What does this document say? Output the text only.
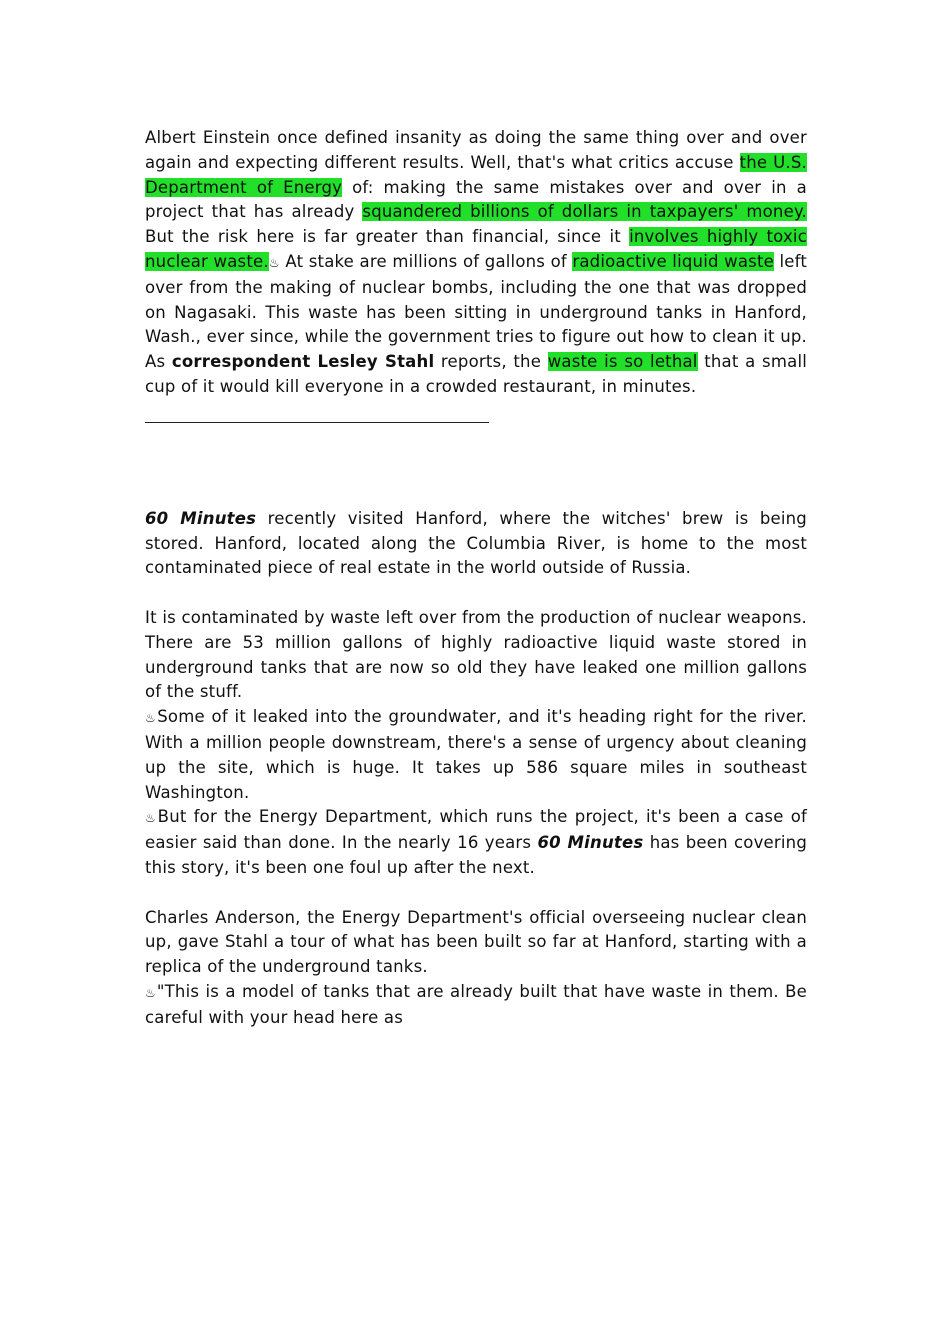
Albert Einstein once defined insanity as doing the same thing over and over again and expecting different results. Well, that's what critics accuse the U.S. Department of Energy of: making the same mistakes over and over in a project that has already squandered billions of dollars in taxpayers' money. But the risk here is far greater than financial, since it involves highly toxic nuclear waste.♨ At stake are millions of gallons of radioactive liquid waste left over from the making of nuclear bombs, including the one that was dropped on Nagasaki. This waste has been sitting in underground tanks in Hanford, Wash., ever since, while the government tries to figure out how to clean it up. As correspondent Lesley Stahl reports, the waste is so lethal that a small cup of it would kill everyone in a crowded restaurant, in minutes.

60 Minutes recently visited Hanford, where the witches' brew is being stored. Hanford, located along the Columbia River, is home to the most contaminated piece of real estate in the world outside of Russia.

It is contaminated by waste left over from the production of nuclear weapons. There are 53 million gallons of highly radioactive liquid waste stored in underground tanks that are now so old they have leaked one million gallons of the stuff.

♨Some of it leaked into the groundwater, and it's heading right for the river. With a million people downstream, there's a sense of urgency about cleaning up the site, which is huge. It takes up 586 square miles in southeast Washington.

♨But for the Energy Department, which runs the project, it's been a case of easier said than done. In the nearly 16 years 60 Minutes has been covering this story, it's been one foul up after the next.

Charles Anderson, the Energy Department's official overseeing nuclear clean up, gave Stahl a tour of what has been built so far at Hanford, starting with a replica of the underground tanks.

♨"This is a model of tanks that are already built that have waste in them. Be careful with your head here as
